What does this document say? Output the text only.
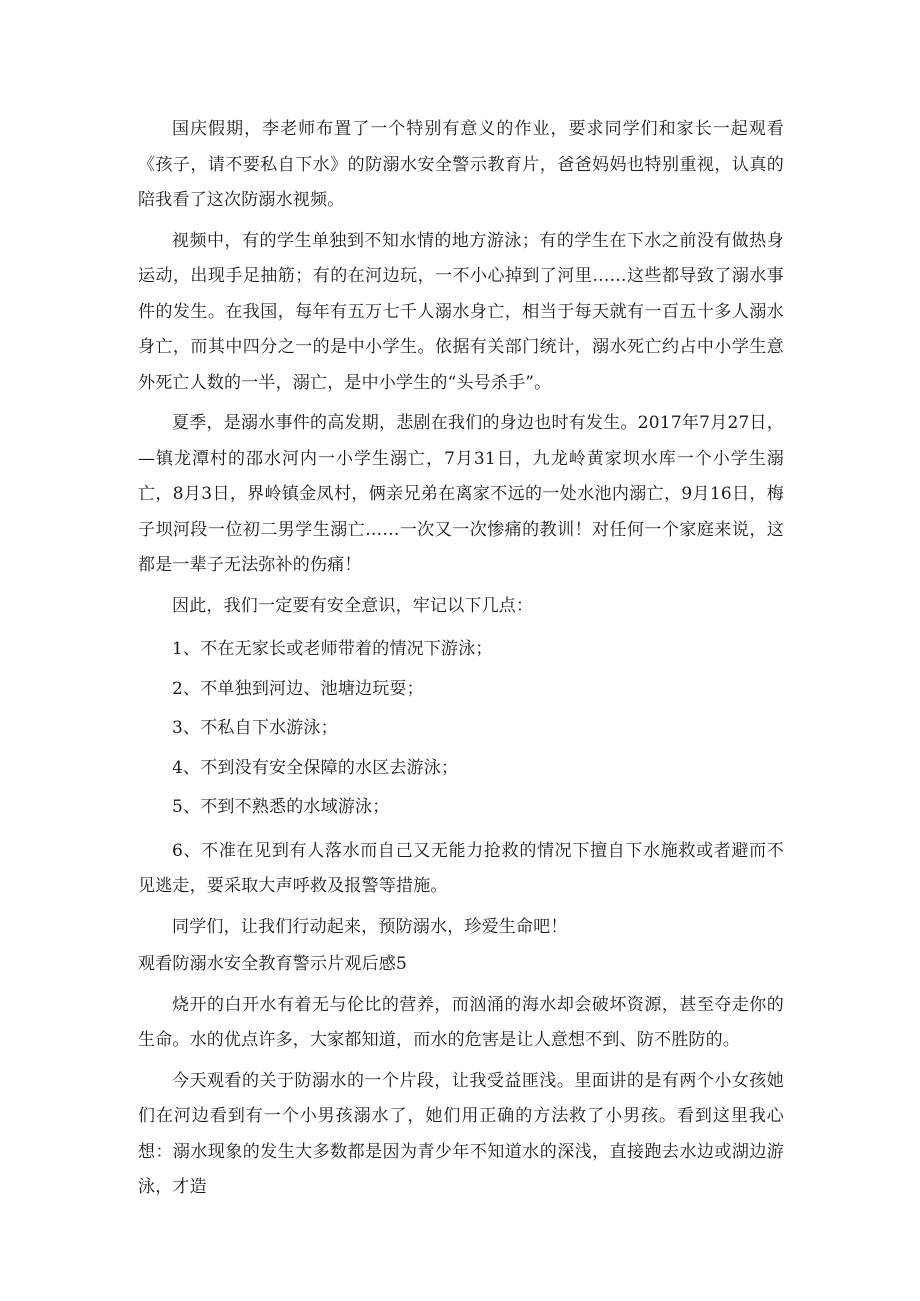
国庆假期，李老师布置了一个特别有意义的作业，要求同学们和家长一起观看《孩子，请不要私自下水》的防溺水安全警示教育片，爸爸妈妈也特别重视，认真的陪我看了这次防溺水视频。

视频中，有的学生单独到不知水情的地方游泳；有的学生在下水之前没有做热身运动，出现手足抽筋；有的在河边玩，一不小心掉到了河里……这些都导致了溺水事件的发生。在我国，每年有五万七千人溺水身亡，相当于每天就有一百五十多人溺水身亡，而其中四分之一的是中小学生。依据有关部门统计，溺水死亡约占中小学生意外死亡人数的一半，溺亡，是中小学生的“头号杀手”。

夏季，是溺水事件的高发期，悲剧在我们的身边也时有发生。2017年7月27日，—镇龙潭村的邵水河内一小学生溺亡，7月31日，九龙岭黄家坝水库一个小学生溺亡，8月3日，界岭镇金凤村，俩亲兄弟在离家不远的一处水池内溺亡，9月16日，梅子坝河段一位初二男学生溺亡……一次又一次惨痛的教训！对任何一个家庭来说，这都是一辈子无法弥补的伤痛！

因此，我们一定要有安全意识，牢记以下几点：

1、不在无家长或老师带着的情况下游泳；

2、不单独到河边、池塘边玩耍；

3、不私自下水游泳；

4、不到没有安全保障的水区去游泳；

5、不到不熟悉的水域游泳；

6、不准在见到有人落水而自己又无能力抢救的情况下擅自下水施救或者避而不见逃走，要采取大声呼救及报警等措施。

同学们，让我们行动起来，预防溺水，珍爱生命吧！

观看防溺水安全教育警示片观后感5

烧开的白开水有着无与伦比的营养，而汹涌的海水却会破坏资源，甚至夺走你的生命。水的优点许多，大家都知道，而水的危害是让人意想不到、防不胜防的。

今天观看的关于防溺水的一个片段，让我受益匪浅。里面讲的是有两个小女孩她们在河边看到有一个小男孩溺水了，她们用正确的方法救了小男孩。看到这里我心想：溺水现象的发生大多数都是因为青少年不知道水的深浅，直接跑去水边或湖边游泳，才造
